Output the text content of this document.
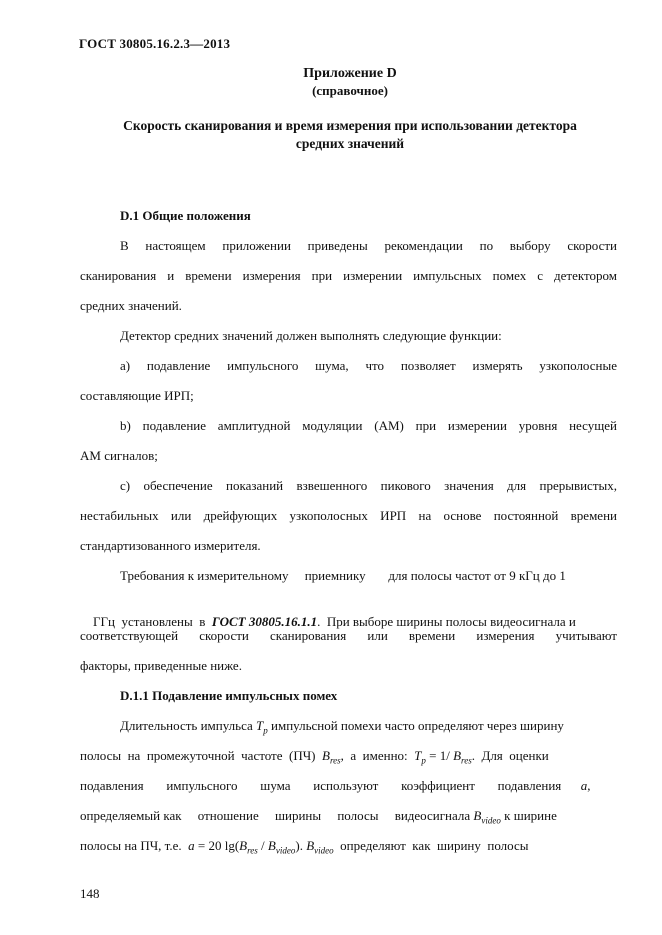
ГОСТ 30805.16.2.3—2013
Приложение D
(справочное)
Скорость сканирования и время измерения при использовании детектора
средних значений
D.1 Общие положения
В настоящем приложении приведены рекомендации по выбору скорости
сканирования и времени измерения при измерении импульсных помех с детектором
средних значений.
Детектор средних значений должен выполнять следующие функции:
а) подавление импульсного шума, что позволяет измерять узкополосные
составляющие ИРП;
b) подавление амплитудной модуляции (АМ) при измерении уровня несущей
АМ сигналов;
c) обеспечение показаний взвешенного пикового значения для прерывистых,
нестабильных или дрейфующих узкополосных ИРП на основе постоянной времени
стандартизованного измерителя.
Требования к измерительному     приемнику       для полосы частот от 9 кГц до 1

ГГц  установлены  в  ГОСТ 30805.16.1.1.  При выборе ширины полосы видеосигнала и

соответствующей скорости сканирования или времени измерения учитывают
факторы, приведенные ниже.
D.1.1 Подавление импульсных помех
Длительность импульса $T_p$ импульсной помехи часто определяют через ширину
полосы  на  промежуточной  частоте  (ПЧ)  $B_{res}$,  а  именно:  $T_p = 1/$ $B_{res}$.  Для  оценки
подавления       импульсного       шума       используют       коэффициент       подавления      a,
определяемый как     отношение     ширины     полосы     видеосигнала $B_{video}$ к ширине
полосы на ПЧ, т.е.  a = 20 $\lg(B_{res} / B_{video})$. $B_{video}$  определяют  как  ширину  полосы
148
